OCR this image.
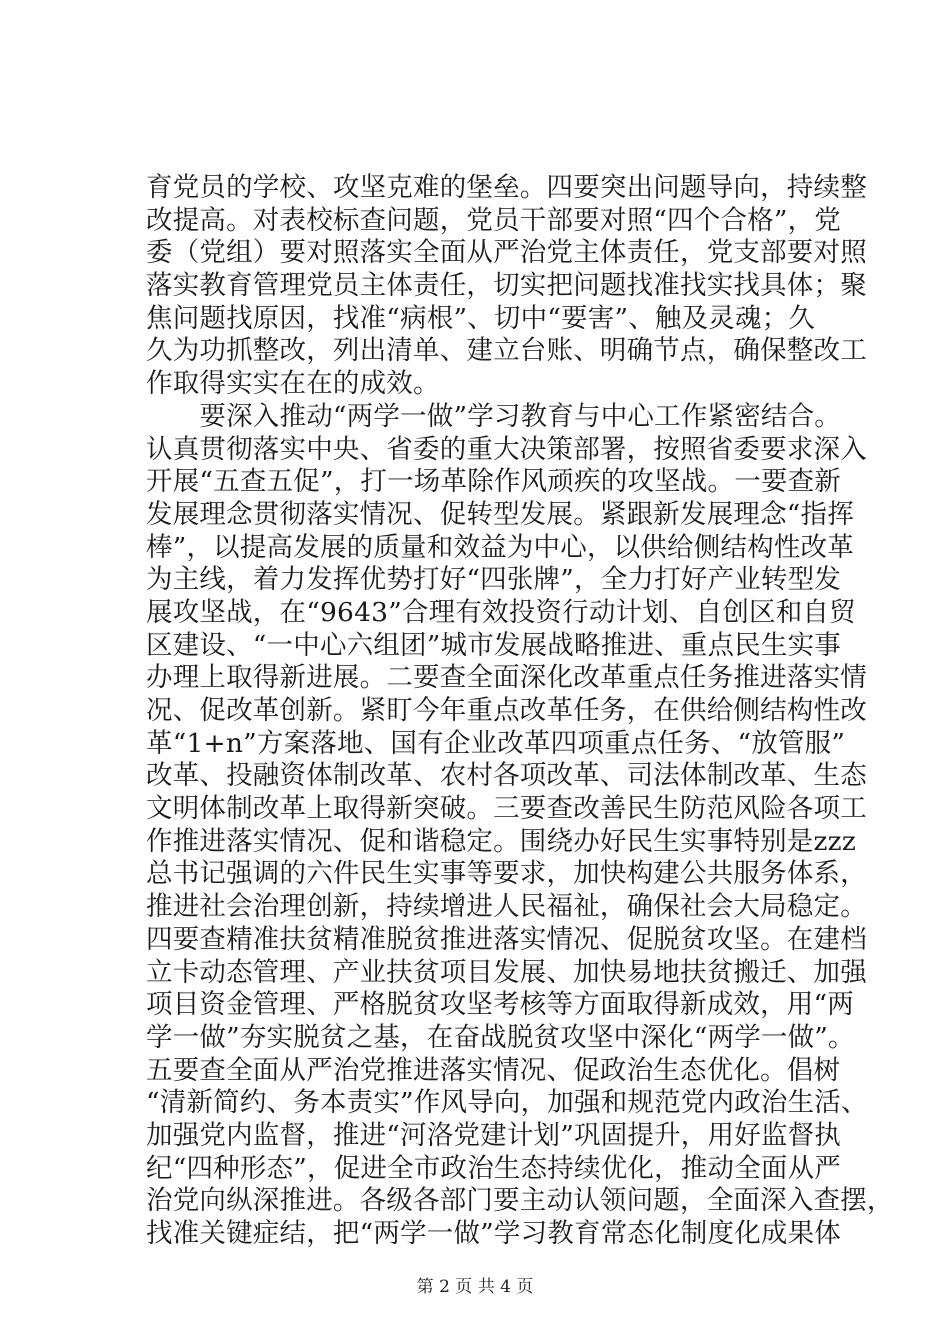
育党员的学校、攻坚克难的堡垒。四要突出问题导向，持续整
改提高。对表校标查问题，党员干部要对照“四个合格”，党
委（党组）要对照落实全面从严治党主体责任，党支部要对照
落实教育管理党员主体责任，切实把问题找准找实找具体；聚
焦问题找原因，找准“病根”、切中“要害”、触及灵魂；久
久为功抓整改，列出清单、建立台账、明确节点，确保整改工
作取得实实在在的成效。
　　要深入推动“两学一做”学习教育与中心工作紧密结合。
认真贯彻落实中央、省委的重大决策部署，按照省委要求深入
开展“五查五促”，打一场革除作风顽疾的攻坚战。一要查新
发展理念贯彻落实情况、促转型发展。紧跟新发展理念“指挥
棒”，以提高发展的质量和效益为中心，以供给侧结构性改革
为主线，着力发挥优势打好“四张牌”，全力打好产业转型发
展攻坚战，在“9643”合理有效投资行动计划、自创区和自贸
区建设、“一中心六组团”城市发展战略推进、重点民生实事
办理上取得新进展。二要查全面深化改革重点任务推进落实情
况、促改革创新。紧盯今年重点改革任务，在供给侧结构性改
革“1+n”方案落地、国有企业改革四项重点任务、“放管服”
改革、投融资体制改革、农村各项改革、司法体制改革、生态
文明体制改革上取得新突破。三要查改善民生防范风险各项工
作推进落实情况、促和谐稳定。围绕办好民生实事特别是zzz
总书记强调的六件民生实事等要求，加快构建公共服务体系，
推进社会治理创新，持续增进人民福祉，确保社会大局稳定。
四要查精准扶贫精准脱贫推进落实情况、促脱贫攻坚。在建档
立卡动态管理、产业扶贫项目发展、加快易地扶贫搬迁、加强
项目资金管理、严格脱贫攻坚考核等方面取得新成效，用“两
学一做”夯实脱贫之基，在奋战脱贫攻坚中深化“两学一做”。
五要查全面从严治党推进落实情况、促政治生态优化。倡树
“清新简约、务本责实”作风导向，加强和规范党内政治生活、
加强党内监督，推进“河洛党建计划”巩固提升，用好监督执
纪“四种形态”，促进全市政治生态持续优化，推动全面从严
治党向纵深推进。各级各部门要主动认领问题，全面深入查摆，
找准关键症结，把“两学一做”学习教育常态化制度化成果体
第 2 页 共 4 页
